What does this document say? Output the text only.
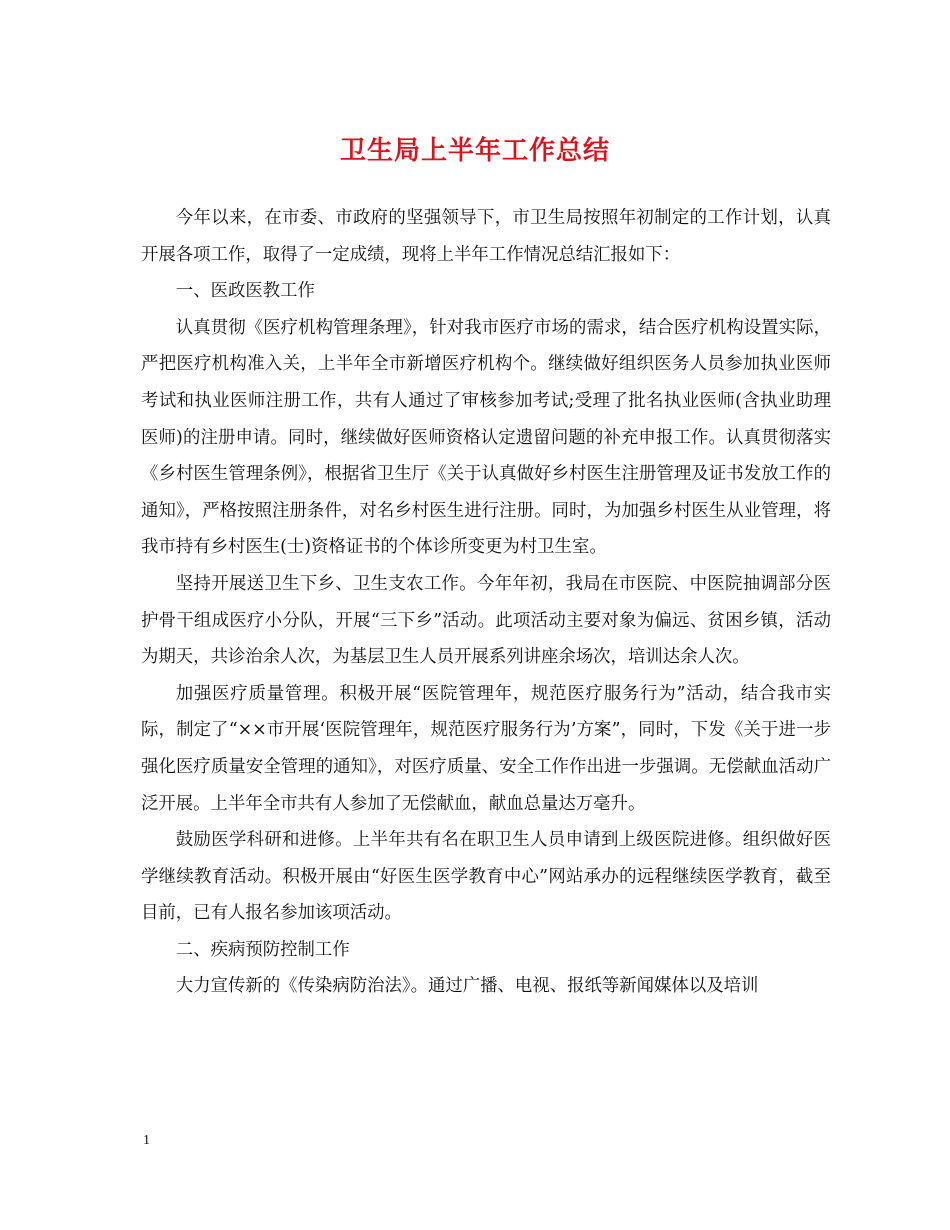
卫生局上半年工作总结

今年以来，在市委、市政府的坚强领导下，市卫生局按照年初制定的工作计划，认真开展各项工作，取得了一定成绩，现将上半年工作情况总结汇报如下：

一、医政医教工作

认真贯彻《医疗机构管理条理》，针对我市医疗市场的需求，结合医疗机构设置实际，严把医疗机构准入关，上半年全市新增医疗机构个。继续做好组织医务人员参加执业医师考试和执业医师注册工作，共有人通过了审核参加考试;受理了批名执业医师(含执业助理医师)的注册申请。同时，继续做好医师资格认定遗留问题的补充申报工作。认真贯彻落实《乡村医生管理条例》，根据省卫生厅《关于认真做好乡村医生注册管理及证书发放工作的通知》，严格按照注册条件，对名乡村医生进行注册。同时，为加强乡村医生从业管理，将我市持有乡村医生(士)资格证书的个体诊所变更为村卫生室。

坚持开展送卫生下乡、卫生支农工作。今年年初，我局在市医院、中医院抽调部分医护骨干组成医疗小分队，开展“三下乡”活动。此项活动主要对象为偏远、贫困乡镇，活动为期天，共诊治余人次，为基层卫生人员开展系列讲座余场次，培训达余人次。

加强医疗质量管理。积极开展“医院管理年，规范医疗服务行为”活动，结合我市实际，制定了“××市开展‘医院管理年，规范医疗服务行为’方案”，同时，下发《关于进一步强化医疗质量安全管理的通知》，对医疗质量、安全工作作出进一步强调。无偿献血活动广泛开展。上半年全市共有人参加了无偿献血，献血总量达万毫升。

鼓励医学科研和进修。上半年共有名在职卫生人员申请到上级医院进修。组织做好医学继续教育活动。积极开展由“好医生医学教育中心”网站承办的远程继续医学教育，截至目前，已有人报名参加该项活动。

二、疾病预防控制工作

大力宣传新的《传染病防治法》。通过广播、电视、报纸等新闻媒体以及培训

1
